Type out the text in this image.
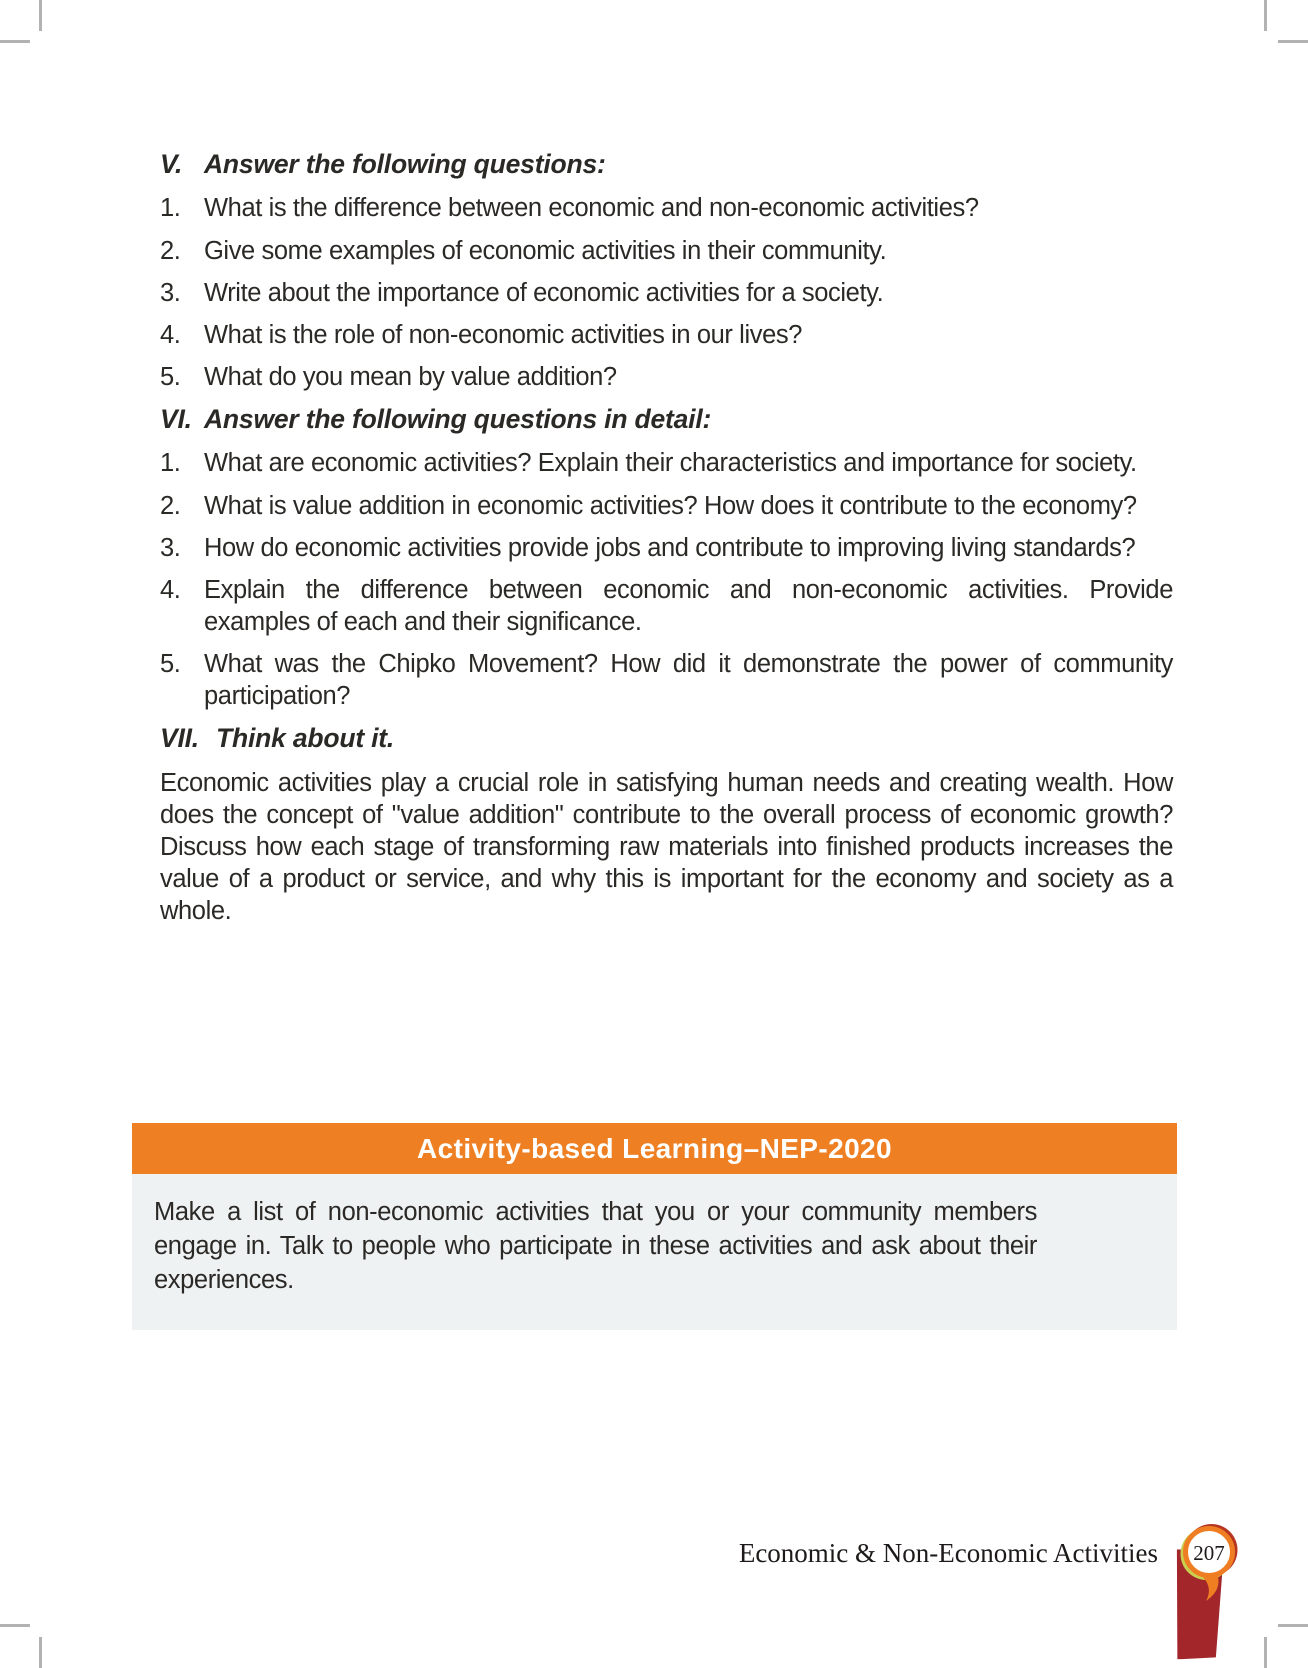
V. Answer the following questions:
1. What is the difference between economic and non-economic activities?
2. Give some examples of economic activities in their community.
3. Write about the importance of economic activities for a society.
4. What is the role of non-economic activities in our lives?
5. What do you mean by value addition?
VI. Answer the following questions in detail:
1. What are economic activities? Explain their characteristics and importance for society.
2. What is value addition in economic activities? How does it contribute to the economy?
3. How do economic activities provide jobs and contribute to improving living standards?
4. Explain the difference between economic and non-economic activities. Provide examples of each and their significance.
5. What was the Chipko Movement? How did it demonstrate the power of community participation?
VII. Think about it.
Economic activities play a crucial role in satisfying human needs and creating wealth. How does the concept of "value addition" contribute to the overall process of economic growth? Discuss how each stage of transforming raw materials into finished products increases the value of a product or service, and why this is important for the economy and society as a whole.
Activity-based Learning–NEP-2020
Make a list of non-economic activities that you or your community members engage in. Talk to people who participate in these activities and ask about their experiences.
Economic & Non-Economic Activities 207
